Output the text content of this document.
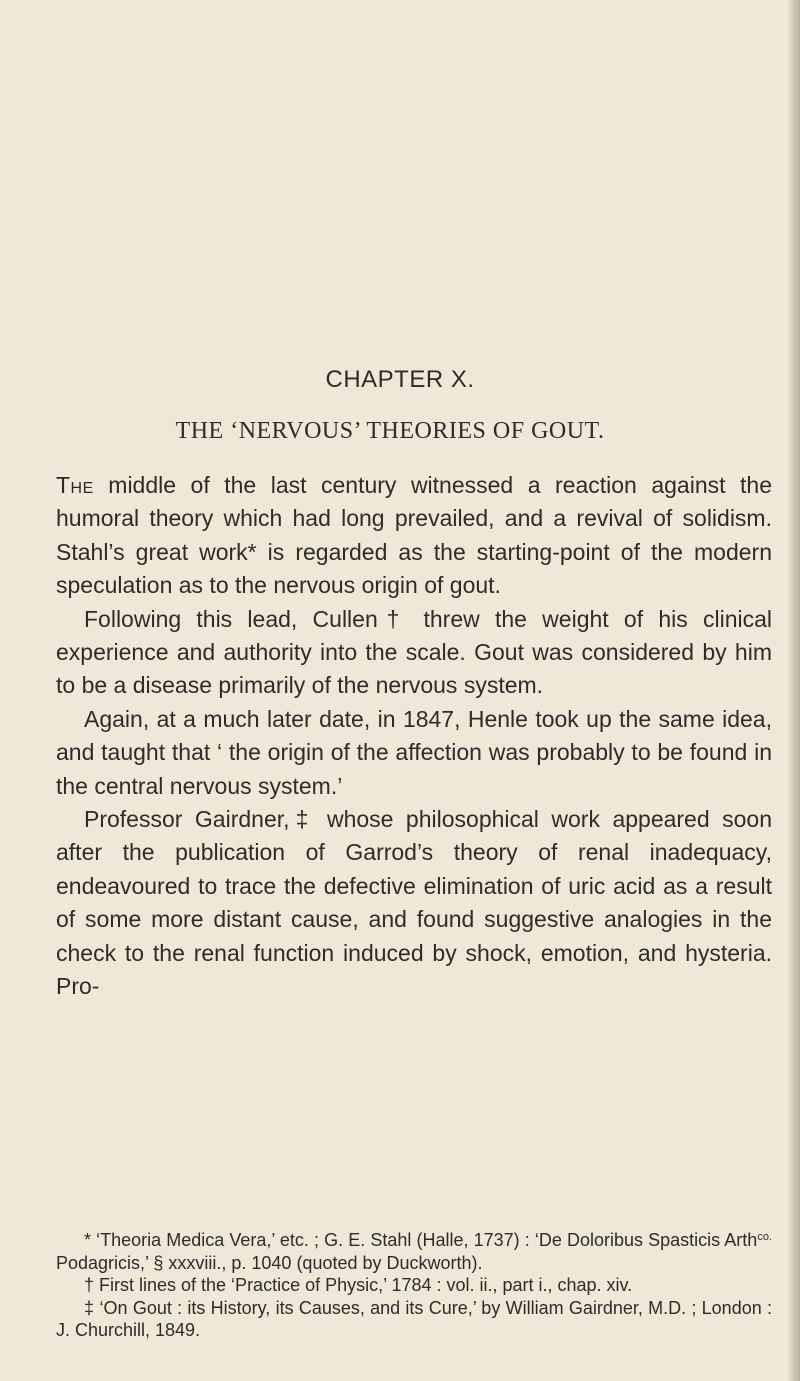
CHAPTER X.
THE ‘NERVOUS’ THEORIES OF GOUT.

The middle of the last century witnessed a reaction against the humoral theory which had long prevailed, and a revival of solidism. Stahl’s great work* is regarded as the starting-point of the modern speculation as to the nervous origin of gout.

Following this lead, Cullen† threw the weight of his clinical experience and authority into the scale. Gout was considered by him to be a disease primarily of the nervous system.

Again, at a much later date, in 1847, Henle took up the same idea, and taught that ‘ the origin of the affection was probably to be found in the central nervous system.’

Professor Gairdner,‡ whose philosophical work appeared soon after the publication of Garrod’s theory of renal inadequacy, endeavoured to trace the defective elimination of uric acid as a result of some more distant cause, and found suggestive analogies in the check to the renal function induced by shock, emotion, and hysteria. Pro-

* ‘Theoria Medica Vera,’ etc. ; G. E. Stahl (Halle, 1737) : ‘De Doloribus Spasticis Arth$^{co.}$ Podagricis,’ § xxxviii., p. 1040 (quoted by Duckworth).

† First lines of the ‘Practice of Physic,’ 1784 : vol. ii., part i., chap. xiv.

‡ ‘On Gout : its History, its Causes, and its Cure,’ by William Gairdner, M.D. ; London : J. Churchill, 1849.
